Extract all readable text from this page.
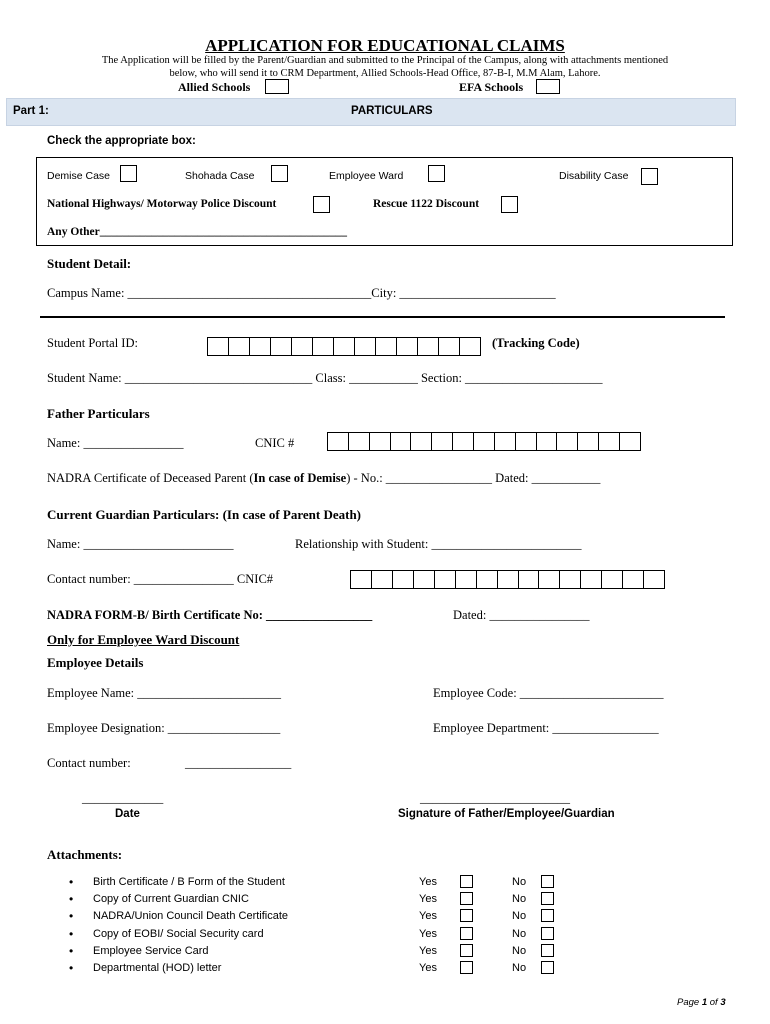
APPLICATION FOR EDUCATIONAL CLAIMS
The Application will be filled by the Parent/Guardian and submitted to the Principal of the Campus, along with attachments mentioned
below, who will send it to CRM Department, Allied Schools-Head Office, 87-B-I, M.M Alam, Lahore.
Allied Schools	EFA Schools
Part 1:	PARTICULARS
Check the appropriate box:
Demise Case	Shohada Case	Employee Ward	Disability Case
National Highways/ Motorway Police Discount	Rescue 1122 Discount
Any Other___________________________________________
Student Detail:
Campus Name: _______________________________________City: _________________________
Student Portal ID:	(Tracking Code)
Student Name: ______________________________ Class: ___________ Section: ______________________
Father Particulars
Name: ________________	CNIC #
NADRA Certificate of Deceased Parent (In case of Demise) - No.: _________________ Dated: ___________
Current Guardian Particulars: (In case of Parent Death)
Name: ________________________	Relationship with Student: ________________________
Contact number: ________________ CNIC#
NADRA FORM-B/ Birth Certificate No: _________________	Dated: ________________
Only for Employee Ward Discount
Employee Details
Employee Name: _______________________	Employee Code: _______________________
Employee Designation: __________________	Employee Department: _________________
Contact number:	_________________
_____________
Date
________________________
Signature of Father/Employee/Guardian
Attachments:
• Birth Certificate / B Form of the Student	Yes	No
• Copy of Current Guardian CNIC	Yes	No
• NADRA/Union Council Death Certificate	Yes	No
• Copy of EOBI/ Social Security card	Yes	No
• Employee Service Card	Yes	No
• Departmental (HOD) letter	Yes	No
Page 1 of 3
